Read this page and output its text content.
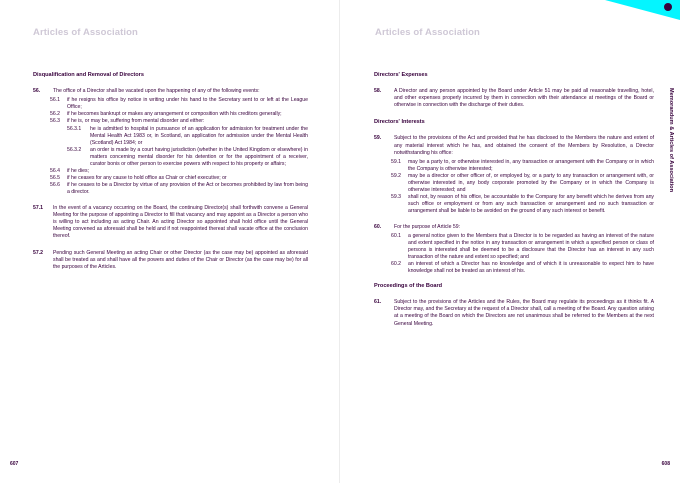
Articles of Association
Disqualification and Removal of Directors
56.	The office of a Director shall be vacated upon the happening of any of the following events:
56.1	if he resigns his office by notice in writing under his hand to the Secretary sent to or left at the League Office;
56.2	if he becomes bankrupt or makes any arrangement or composition with his creditors generally;
56.3	if he is, or may be, suffering from mental disorder and either:
56.3.1	he is admitted to hospital in pursuance of an application for admission for treatment under the Mental Health Act 1983 or, in Scotland, an application for admission under the Mental Health (Scotland) Act 1984; or
56.3.2	an order is made by a court having jurisdiction (whether in the United Kingdom or elsewhere) in matters concerning mental disorder for his detention or for the appointment of a receiver, curator bonis or other person to exercise powers with respect to his property or affairs;
56.4	if he dies;
56.5	if he ceases for any cause to hold office as Chair or chief executive; or
56.6	if he ceases to be a Director by virtue of any provision of the Act or becomes prohibited by law from being a director.
57.1	In the event of a vacancy occurring on the Board, the continuing Director(s) shall forthwith convene a General Meeting for the purpose of appointing a Director to fill that vacancy and may appoint as a Director a person who is willing to act including as acting Chair. An acting Director so appointed shall hold office until the General Meeting convened as aforesaid shall be held and if not reappointed thereat shall vacate office at the conclusion thereof.
57.2	Pending such General Meeting an acting Chair or other Director (as the case may be) appointed as aforesaid shall be treated as and shall have all the powers and duties of the Chair or Director (as the case may be) for all the purposes of the Articles.
607
Articles of Association
Memorandum & Articles of Association
Directors' Expenses
58.	A Director and any person appointed by the Board under Article 51 may be paid all reasonable travelling, hotel, and other expenses properly incurred by them in connection with their attendance at meetings of the Board or otherwise in connection with the discharge of their duties.
Directors' Interests
59.	Subject to the provisions of the Act and provided that he has disclosed to the Members the nature and extent of any material interest which he has, and obtained the consent of the Members by Resolution, a Director notwithstanding his office:
59.1	may be a party to, or otherwise interested in, any transaction or arrangement with the Company or in which the Company is otherwise interested;
59.2	may be a director or other officer of, or employed by, or a party to any transaction or arrangement with, or otherwise interested in, any body corporate promoted by the Company or in which the Company is otherwise interested; and
59.3	shall not, by reason of his office, be accountable to the Company for any benefit which he derives from any such office or employment or from any such transaction or arrangement and no such transaction or arrangement shall be liable to be avoided on the ground of any such interest or benefit.
60.	For the purpose of Article 59:
60.1	a general notice given to the Members that a Director is to be regarded as having an interest of the nature and extent specified in the notice in any transaction or arrangement in which a specified person or class of persons is interested shall be deemed to be a disclosure that the Director has an interest in any such transaction of the nature and extent so specified; and
60.2	an interest of which a Director has no knowledge and of which it is unreasonable to expect him to have knowledge shall not be treated as an interest of his.
Proceedings of the Board
61.	Subject to the provisions of the Articles and the Rules, the Board may regulate its proceedings as it thinks fit. A Director may, and the Secretary at the request of a Director shall, call a meeting of the Board. Any question arising at a meeting of the Board on which the Directors are not unanimous shall be referred to the Members at the next General Meeting.
608
